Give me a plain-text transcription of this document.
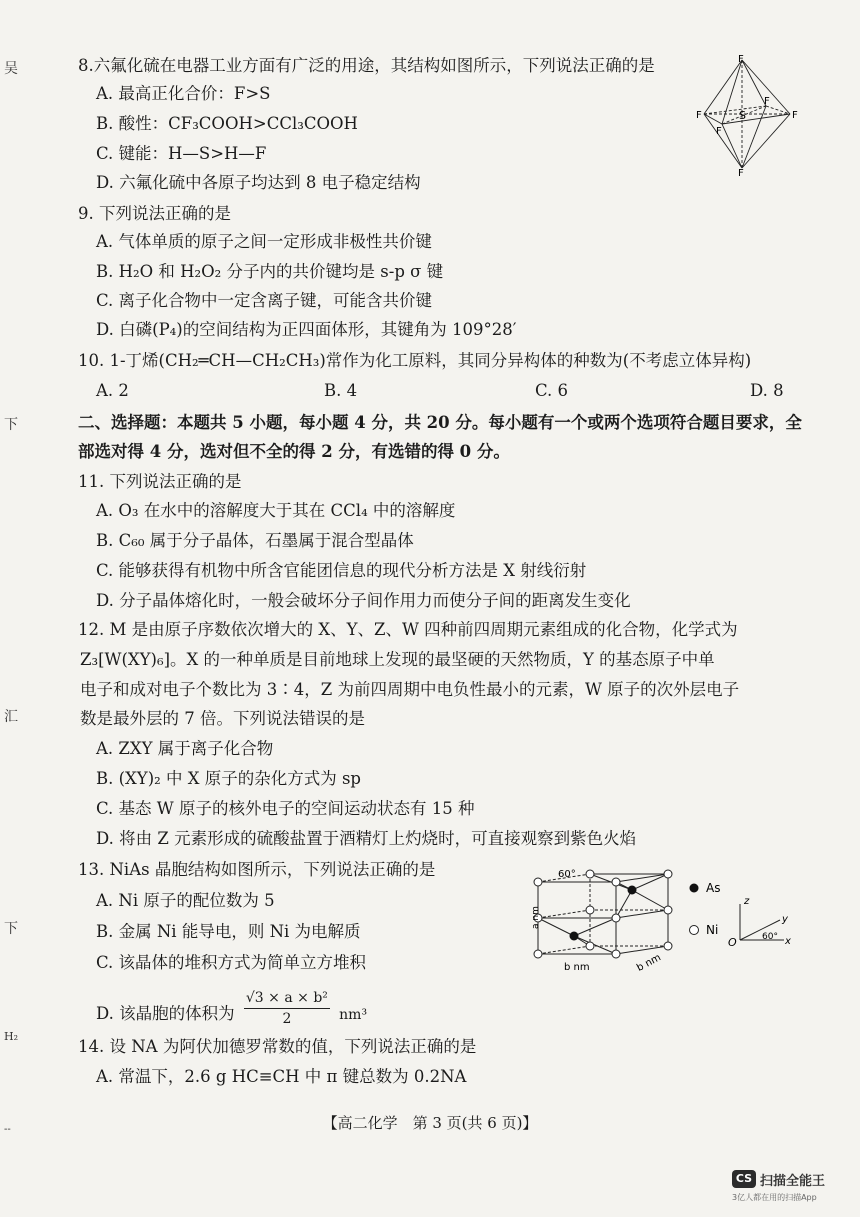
吴
下
汇
下
H₂
--
8.六氟化硫在电器工业方面有广泛的用途，其结构如图所示，下列说法正确的是
A. 最高正化合价：F>S
B. 酸性：CF₃COOH>CCl₃COOH
C. 键能：H—S>H—F
D. 六氟化硫中各原子均达到 8 电子稳定结构
F
F
F	F
F
F
S
9. 下列说法正确的是
A. 气体单质的原子之间一定形成非极性共价键
B. H₂O 和 H₂O₂ 分子内的共价键均是 s-p σ 键
C. 离子化合物中一定含离子键，可能含共价键
D. 白磷(P₄)的空间结构为正四面体形，其键角为 109°28′
10. 1-丁烯(CH₂═CH—CH₂CH₃)常作为化工原料，其同分异构体的种数为(不考虑立体异构)
A. 2	B. 4	C. 6	D. 8
二、选择题：本题共 5 小题，每小题 4 分，共 20 分。每小题有一个或两个选项符合题目要求，全
部选对得 4 分，选对但不全的得 2 分，有选错的得 0 分。
11. 下列说法正确的是
A. O₃ 在水中的溶解度大于其在 CCl₄ 中的溶解度
B. C₆₀ 属于分子晶体，石墨属于混合型晶体
C. 能够获得有机物中所含官能团信息的现代分析方法是 X 射线衍射
D. 分子晶体熔化时，一般会破坏分子间作用力而使分子间的距离发生变化
12. M 是由原子序数依次增大的 X、Y、Z、W 四种前四周期元素组成的化合物，化学式为
Z₃[W(XY)₆]。X 的一种单质是目前地球上发现的最坚硬的天然物质，Y 的基态原子中单
电子和成对电子个数比为 3∶4，Z 为前四周期中电负性最小的元素，W 原子的次外层电子
数是最外层的 7 倍。下列说法错误的是
A. ZXY 属于离子化合物
B. (XY)₂ 中 X 原子的杂化方式为 sp
C. 基态 W 原子的核外电子的空间运动状态有 15 种
D. 将由 Z 元素形成的硫酸盐置于酒精灯上灼烧时，可直接观察到紫色火焰
13. NiAs 晶胞结构如图所示，下列说法正确的是
A. Ni 原子的配位数为 5
B. 金属 Ni 能导电，则 Ni 为电解质
C. 该晶体的堆积方式为简单立方堆积
D. 该晶胞的体积为 $\frac{\text{√3 × a × b²}}{2} _{nm^3}$
60°
a nm
b nm	b nm
As
Ni
z
y
x
O	60°
14. 设 NA 为阿伏加德罗常数的值，下列说法正确的是
A. 常温下，2.6 g HC≡CH 中 π 键总数为 0.2NA
【高二化学　第 3 页(共 6 页)】
CS 扫描全能王
3亿人都在用的扫描App
